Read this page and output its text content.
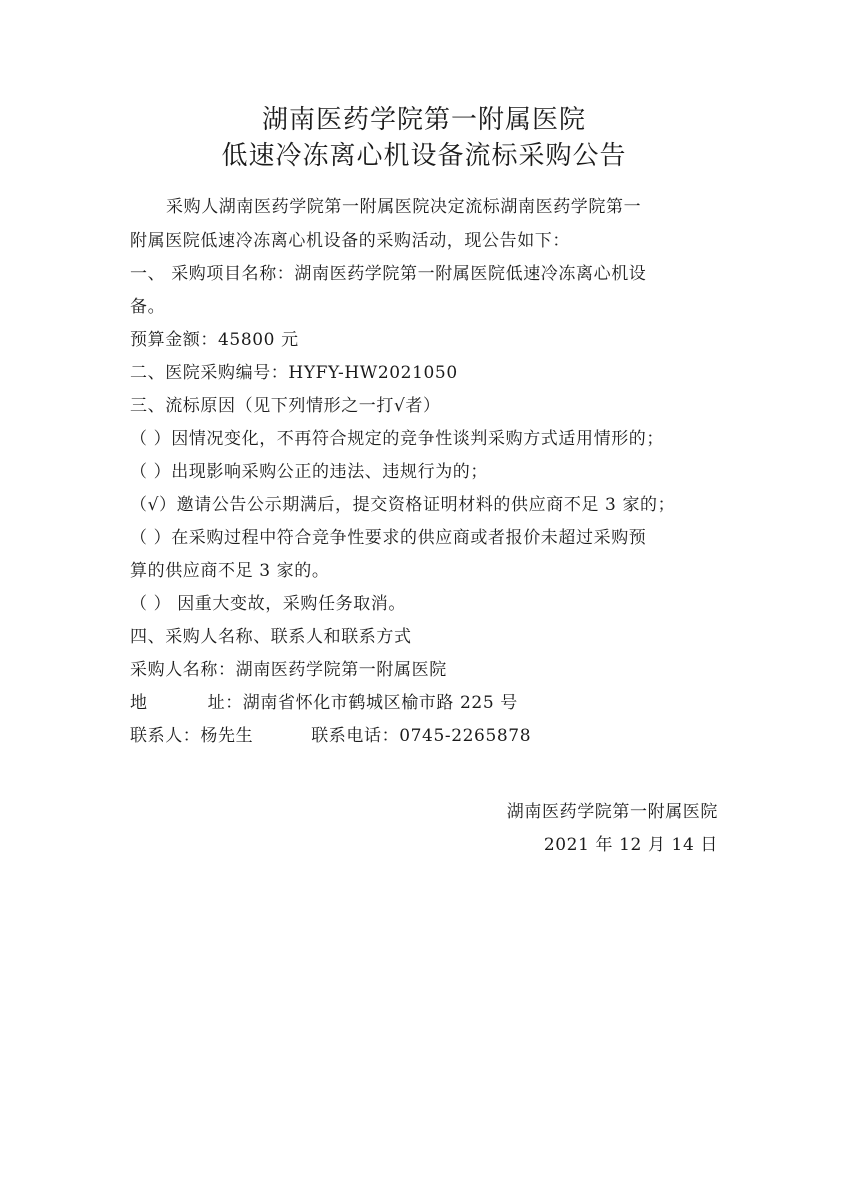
湖南医药学院第一附属医院
低速冷冻离心机设备流标采购公告
采购人湖南医药学院第一附属医院决定流标湖南医药学院第一
附属医院低速冷冻离心机设备的采购活动，现公告如下：
一、 采购项目名称：湖南医药学院第一附属医院低速冷冻离心机设
备。
预算金额：45800 元
二、医院采购编号：HYFY-HW2021050
三、流标原因（见下列情形之一打√者）
（ ）因情况变化，不再符合规定的竞争性谈判采购方式适用情形的；
（ ）出现影响采购公正的违法、违规行为的；
（√）邀请公告公示期满后，提交资格证明材料的供应商不足 3 家的；
（ ）在采购过程中符合竞争性要求的供应商或者报价未超过采购预
算的供应商不足 3 家的。
（ ） 因重大变故，采购任务取消。
四、采购人名称、联系人和联系方式
采购人名称：湖南医药学院第一附属医院
地	址：湖南省怀化市鹤城区榆市路 225 号
联系人：杨先生	联系电话：0745-2265878
湖南医药学院第一附属医院
2021 年 12 月 14 日
